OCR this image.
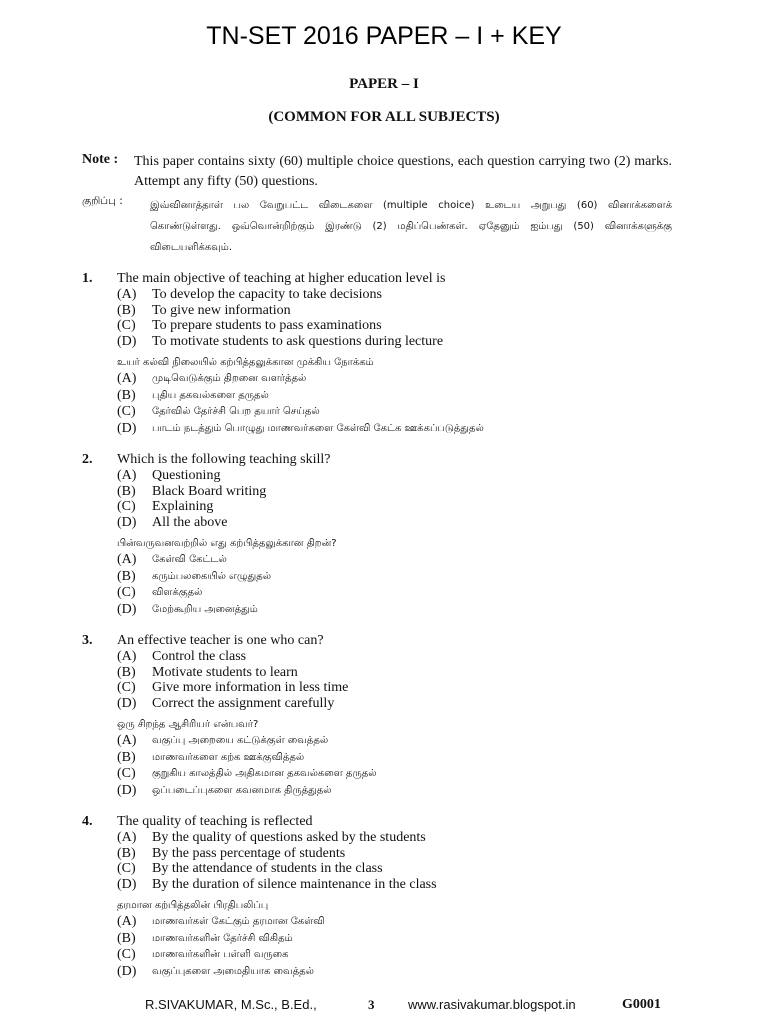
TN-SET 2016 PAPER – I + KEY
PAPER – I
(COMMON FOR ALL SUBJECTS)
Note :	This paper contains sixty (60) multiple choice questions, each question carrying two (2) marks. Attempt any fifty (50) questions.
குறிப்பு :	இவ்வினாத்தாள் பல வேறுபட்ட விடைகளை (multiple choice) உடைய அறுபது (60) வினாக்களைக் கொண்டுள்ளது. ஒவ்வொன்றிற்கும் இரண்டு (2) மதிப்பெண்கள். ஏதேனும் ஐம்பது (50) வினாக்களுக்கு விடையளிக்கவும்.
1.	The main objective of teaching at higher education level is
(A)	To develop the capacity to take decisions
(B)	To give new information
(C)	To prepare students to pass examinations
(D)	To motivate students to ask questions during lecture
உயர் கல்வி நிலையில் கற்பித்தலுக்கான முக்கிய நோக்கம்
(A)	முடிவெடுக்கும் திறனை வளர்த்தல்
(B)	புதிய தகவல்களை தருதல்
(C)	தேர்வில் தேர்ச்சி பெற தயார் செய்தல்
(D)	பாடம் நடத்தும் பொழுது மாணவர்களை கேள்வி கேட்க ஊக்கப்படுத்துதல்
2.	Which is the following teaching skill?
(A)	Questioning
(B)	Black Board writing
(C)	Explaining
(D)	All the above
பின்வருவனவற்றில் எது கற்பித்தலுக்கான திறன்?
(A)	கேள்வி கேட்டல்
(B)	கரும்பலகையில் எழுதுதல்
(C)	விளக்குதல்
(D)	மேற்கூறிய அனைத்தும்
3.	An effective teacher is one who can?
(A)	Control the class
(B)	Motivate students to learn
(C)	Give more information in less time
(D)	Correct the assignment carefully
ஒரு சிறந்த ஆசிரியர் என்பவர்?
(A)	வகுப்பு அறையை கட்டுக்குள் வைத்தல்
(B)	மாணவர்களை கற்க ஊக்குவித்தல்
(C)	குறுகிய காலத்தில் அதிகமான தகவல்களை தருதல்
(D)	ஒப்படைப்புகளை கவனமாக திருத்துதல்
4.	The quality of teaching is reflected
(A)	By the quality of questions asked by the students
(B)	By the pass percentage of students
(C)	By the attendance of students in the class
(D)	By the duration of silence maintenance in the class
தரமான கற்பித்தலின் பிரதிபலிப்பு
(A)	மாணவர்கள் கேட்கும் தரமான கேள்வி
(B)	மாணவர்களின் தேர்ச்சி விகிதம்
(C)	மாணவர்களின் பள்ளி வருகை
(D)	வகுப்புகளை அமைதியாக வைத்தல்
R.SIVAKUMAR, M.Sc., B.Ed.,	3	www.rasivakumar.blogspot.in	G0001
